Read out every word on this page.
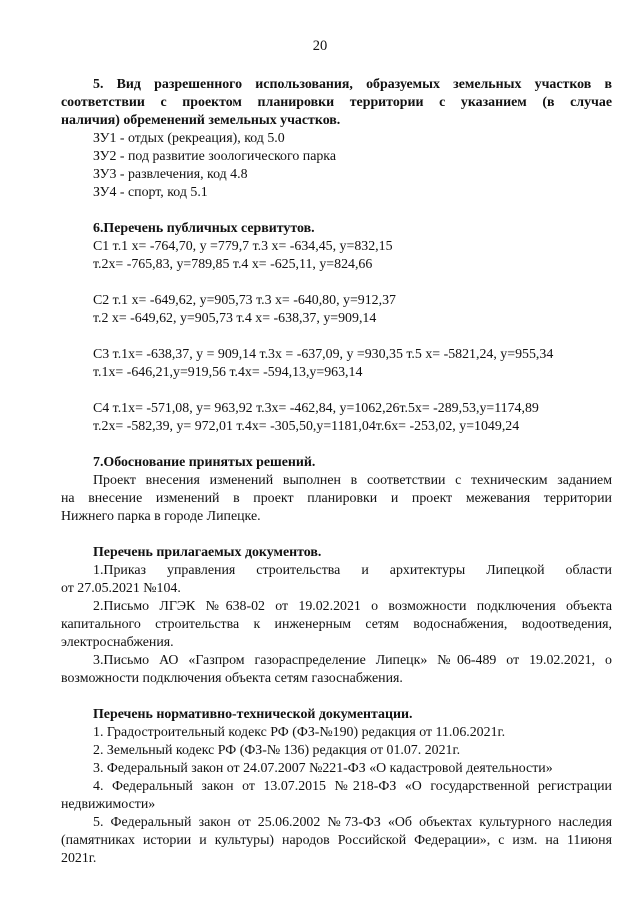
20
5. Вид разрешенного использования, образуемых земельных участков в
соответствии с проектом планировки территории с указанием (в случае
наличия) обременений земельных участков.
ЗУ1 - отдых (рекреация), код 5.0
ЗУ2 - под развитие зоологического парка
ЗУ3 - развлечения, код 4.8
ЗУ4 - спорт, код 5.1
6.Перечень публичных сервитутов.
С1 т.1 х= -764,70, у =779,7 т.3 х= -634,45, у=832,15
т.2х= -765,83, у=789,85 т.4 х= -625,11, у=824,66
С2 т.1 х= -649,62, у=905,73 т.3 х= -640,80, у=912,37
т.2 х= -649,62, у=905,73 т.4 х= -638,37, у=909,14
С3 т.1х= -638,37, у = 909,14 т.3х = -637,09, у =930,35 т.5 х= -5821,24, у=955,34
т.1х= -646,21,у=919,56 т.4х= -594,13,у=963,14
С4 т.1х= -571,08, у= 963,92 т.3х= -462,84, у=1062,26т.5х= -289,53,у=1174,89
т.2х= -582,39, у= 972,01 т.4х= -305,50,у=1181,04т.6х= -253,02, у=1049,24
7.Обоснование принятых решений.
Проект внесения изменений выполнен в соответствии с техническим заданием
на внесение изменений в проект планировки и проект межевания территории
Нижнего парка в городе Липецке.
Перечень прилагаемых документов.
1.Приказ управления строительства и архитектуры Липецкой области
от 27.05.2021 №104.
2.Письмо ЛГЭК №638-02 от 19.02.2021 о возможности подключения объекта
капитального строительства к инженерным сетям водоснабжения, водоотведения,
электроснабжения.
3.Письмо АО «Газпром газораспределение Липецк» №06-489 от 19.02.2021, о
возможности подключения объекта сетям газоснабжения.
Перечень нормативно-технической документации.
1. Градостроительный кодекс РФ (ФЗ-№190) редакция от 11.06.2021г.
2. Земельный кодекс РФ (ФЗ-№ 136) редакция от 01.07. 2021г.
3. Федеральный закон от 24.07.2007 №221-ФЗ «О кадастровой деятельности»
4. Федеральный закон от 13.07.2015 №218-ФЗ «О государственной регистрации
недвижимости»
5. Федеральный закон от 25.06.2002 №73-ФЗ «Об объектах культурного наследия
(памятниках истории и культуры) народов Российской Федерации», с изм. на 11июня
2021г.
